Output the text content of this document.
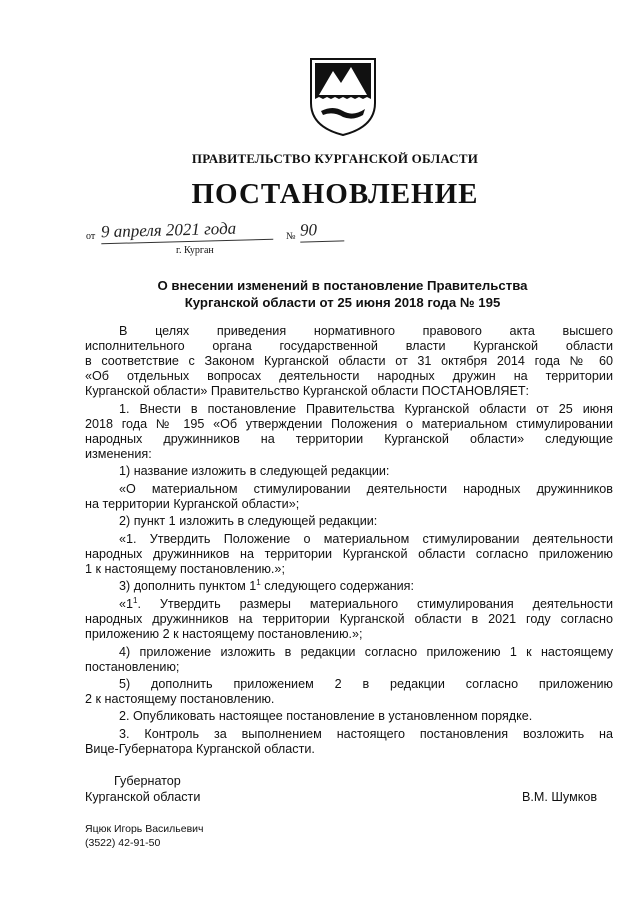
ПРАВИТЕЛЬСТВО КУРГАНСКОЙ ОБЛАСТИ
ПОСТАНОВЛЕНИЕ
от 9 апреля 2021 года	№ 90
г. Курган
О внесении изменений в постановление Правительства
Курганской области от 25 июня 2018 года № 195
В целях приведения нормативного правового акта высшего
исполнительного органа государственной власти Курганской области
в соответствие с Законом Курганской области от 31 октября 2014 года № 60
«Об отдельных вопросах деятельности народных дружин на территории
Курганской области» Правительство Курганской области ПОСТАНОВЛЯЕТ:
1. Внести в постановление Правительства Курганской области от 25 июня
2018 года № 195 «Об утверждении Положения о материальном стимулировании
народных дружинников на территории Курганской области» следующие
изменения:
1) название изложить в следующей редакции:
«О материальном стимулировании деятельности народных дружинников
на территории Курганской области»;
2) пункт 1 изложить в следующей редакции:
«1. Утвердить Положение о материальном стимулировании деятельности
народных дружинников на территории Курганской области согласно приложению
1 к настоящему постановлению.»;
3) дополнить пунктом $1^1$ следующего содержания:
«$1^1$. Утвердить размеры материального стимулирования деятельности
народных дружинников на территории Курганской области в 2021 году согласно
приложению 2 к настоящему постановлению.»;
4) приложение изложить в редакции согласно приложению 1 к настоящему
постановлению;
5) дополнить приложением 2 в редакции согласно приложению
2 к настоящему постановлению.
2. Опубликовать настоящее постановление в установленном порядке.
3. Контроль за выполнением настоящего постановления возложить на
Вице-Губернатора Курганской области.
Губернатор
Курганской области	В.М. Шумков
Яцюк Игорь Васильевич
(3522) 42-91-50
